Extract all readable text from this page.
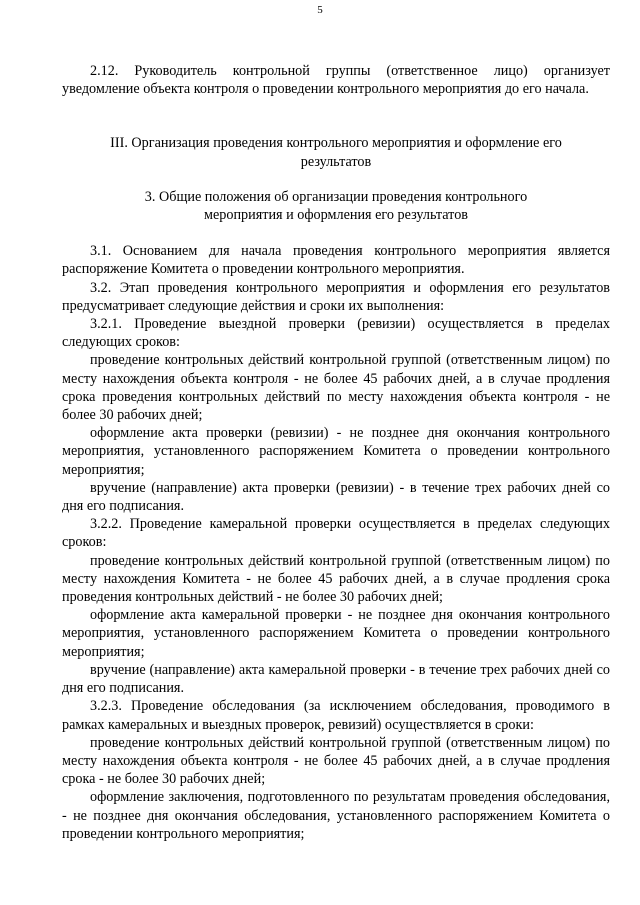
5

2.12. Руководитель контрольной группы (ответственное лицо) организует уведомление объекта контроля о проведении контрольного мероприятия до его начала.

III. Организация проведения контрольного мероприятия и оформление его
результатов

3. Общие положения об организации проведения контрольного
мероприятия и оформления его результатов

3.1. Основанием для начала проведения контрольного мероприятия является распоряжение Комитета о проведении контрольного мероприятия.

3.2. Этап проведения контрольного мероприятия и оформления его результатов предусматривает следующие действия и сроки их выполнения:

3.2.1. Проведение выездной проверки (ревизии) осуществляется в пределах следующих сроков:

проведение контрольных действий контрольной группой (ответственным лицом) по месту нахождения объекта контроля - не более 45 рабочих дней, а в случае продления срока проведения контрольных действий по месту нахождения объекта контроля - не более 30 рабочих дней;

оформление акта проверки (ревизии) - не позднее дня окончания контрольного мероприятия, установленного распоряжением Комитета о проведении контрольного мероприятия;

вручение (направление) акта проверки (ревизии) - в течение трех рабочих дней со дня его подписания.

3.2.2. Проведение камеральной проверки осуществляется в пределах следующих сроков:

проведение контрольных действий контрольной группой (ответственным лицом) по месту нахождения Комитета - не более 45 рабочих дней, а в случае продления срока проведения контрольных действий - не более 30 рабочих дней;

оформление акта камеральной проверки - не позднее дня окончания контрольного мероприятия, установленного распоряжением Комитета о проведении контрольного мероприятия;

вручение (направление) акта камеральной проверки - в течение трех рабочих дней со дня его подписания.

3.2.3. Проведение обследования (за исключением обследования, проводимого в рамках камеральных и выездных проверок, ревизий) осуществляется в сроки:

проведение контрольных действий контрольной группой (ответственным лицом) по месту нахождения объекта контроля - не более 45 рабочих дней, а в случае продления срока - не более 30 рабочих дней;

оформление заключения, подготовленного по результатам проведения обследования, - не позднее дня окончания обследования, установленного распоряжением Комитета о проведении контрольного мероприятия;
